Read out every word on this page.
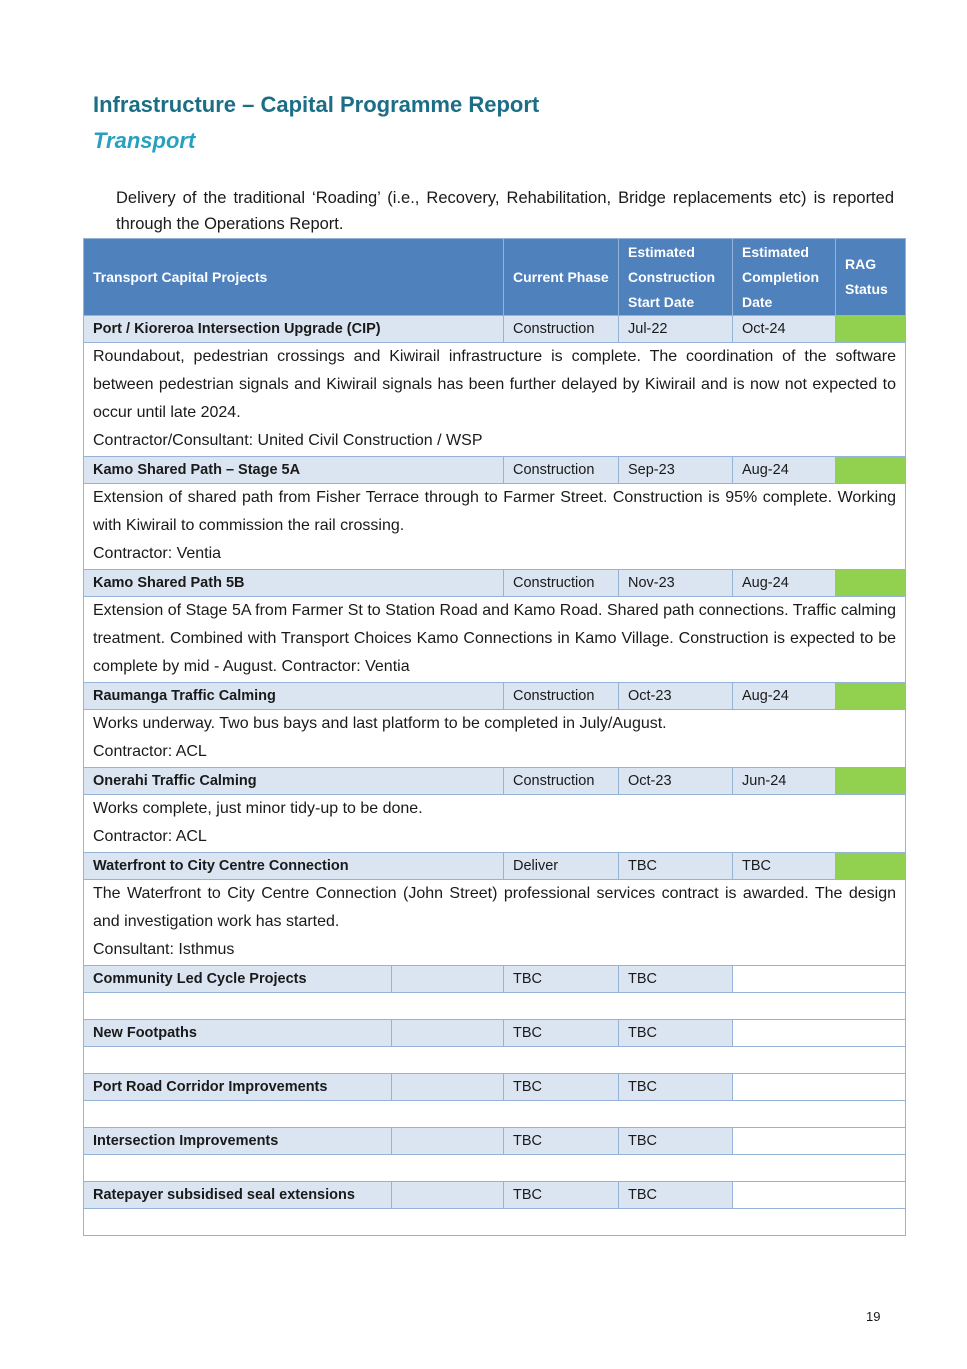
Infrastructure – Capital Programme Report
Transport

Delivery of the traditional ‘Roading’ (i.e., Recovery, Rehabilitation, Bridge replacements etc) is reported through the Operations Report.

Transport Capital Projects		Current Phase	Estimated Construction Start Date	Estimated Completion Date	RAG Status
Port / Kioreroa Intersection Upgrade (CIP)		Construction	Jul-22	Oct-24	

Roundabout, pedestrian crossings and Kiwirail infrastructure is complete. The coordination of the software between pedestrian signals and Kiwirail signals has been further delayed by Kiwirail and is now not expected to occur until late 2024.
Contractor/Consultant: United Civil Construction / WSP					

Kamo Shared Path – Stage 5A		Construction	Sep-23	Aug-24	

Extension of shared path from Fisher Terrace through to Farmer Street. Construction is 95% complete. Working with Kiwirail to commission the rail crossing.
Contractor: Ventia					

Kamo Shared Path 5B		Construction	Nov-23	Aug-24	

Extension of Stage 5A from Farmer St to Station Road and Kamo Road. Shared path connections. Traffic calming treatment. Combined with Transport Choices Kamo Connections in Kamo Village. Construction is expected to be complete by mid - August. Contractor: Ventia					

Raumanga Traffic Calming		Construction	Oct-23	Aug-24	

Works underway. Two bus bays and last platform to be completed in July/August.
Contractor: ACL					

Onerahi Traffic Calming		Construction	Oct-23	Jun-24	

Works complete, just minor tidy-up to be done.
Contractor: ACL					

Waterfront to City Centre Connection		Deliver	TBC	TBC	

The Waterfront to City Centre Connection (John Street) professional services contract is awarded. The design and investigation work has started.
Consultant: Isthmus					

Community Led Cycle Projects		TBC	TBC		

New Footpaths		TBC	TBC		

Port Road Corridor Improvements		TBC	TBC		

Intersection Improvements		TBC	TBC		

Ratepayer subsidised seal extensions		TBC	TBC		

19
